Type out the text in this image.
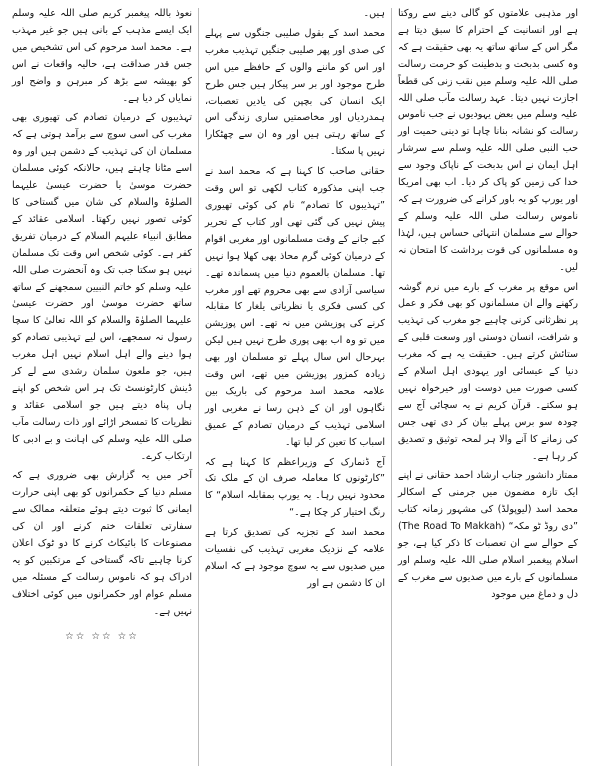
اور مذہبی علامتوں کو گالی دینے سے روکتا ہے اور انسانیت کے احترام کا سبق دیتا ہے مگر اس کے ساتھ ساتھ یہ بھی حقیقت ہے کہ وہ کسی بدبخت و بدطینت کو حرمت رسالت صلی اللہ علیہ وسلم میں نقب زنی کی قطعاً اجازت نہیں دیتا۔ عہد رسالت مآب صلی اللہ علیہ وسلم میں بعض یہودیوں نے جب ناموس رسالت کو نشانہ بنانا چاہا تو دینی حمیت اور حب النبی صلی اللہ علیہ وسلم سے سرشار اہل ایمان نے اس بدبخت کے ناپاک وجود سے خدا کی زمین کو پاک کر دیا۔ اب بھی امریکا اور یورپ کو یہ باور کرانے کی ضرورت ہے کہ ناموس رسالت صلی اللہ علیہ وسلم کے حوالے سے مسلمان انتہائی حساس ہیں، لہٰذا وہ مسلمانوں کی قوت برداشت کا امتحان نہ لیں۔

اس موقع پر مغرب کے بارے میں نرم گوشہ رکھنے والے ان مسلمانوں کو بھی فکر و عمل پر نظرثانی کرنی چاہیے جو مغرب کی تہذیب و شرافت، انسان دوستی اور وسعت قلبی کے ستائش کرتے ہیں۔ حقیقت یہ ہے کہ مغرب دنیا کے عیسائی اور یہودی اہل اسلام کے کسی صورت میں دوست اور خیرخواہ نہیں ہو سکتے۔ قرآن کریم نے یہ سچائی آج سے چودہ سو برس پہلے بیان کر دی تھی جس کی زمانے کا آنے والا ہر لمحہ توثیق و تصدیق کر رہا ہے۔

ممتاز دانشور جناب ارشاد احمد حقانی نے اپنے ایک تازہ مضمون میں جرمنی کے اسکالر محمد اسد (لیوپولڈ) کی مشہور زمانہ کتاب ”دی روڈ ٹو مکہ“ (The Road To Makkah) کے حوالے سے ان تعصبات کا ذکر کیا ہے، جو اسلام پیغمبر اسلام صلی اللہ علیہ وسلم اور مسلمانوں کے بارے میں صدیوں سے مغرب کے دل و دماغ میں موجود

ہیں۔

محمد اسد کے بقول صلیبی جنگوں سے پہلے کی صدی اور پھر صلیبی جنگیں تہذیب مغرب اور اس کو ماننے والوں کے حافظے میں اس طرح موجود اور بر سر پیکار ہیں جس طرح ایک انسان کی بچپن کی یادیں تعصبات، ہمدردیاں اور مخاصمتیں ساری زندگی اس کے ساتھ رہتی ہیں اور وہ ان سے چھٹکارا نہیں پا سکتا۔

حقانی صاحب کا کہنا ہے کہ محمد اسد نے جب اپنی مذکورہ کتاب لکھی تو اس وقت ”تہذیبوں کا تصادم“ نام کی کوئی تھیوری پیش نہیں کی گئی تھی اور کتاب کے تحریر کیے جانے کے وقت مسلمانوں اور مغربی اقوام کے درمیان کوئی گرم محاذ بھی کھلا ہوا نہیں تھا۔ مسلمان بالعموم دنیا میں پسماندہ تھے۔ سیاسی آزادی سے بھی محروم تھے اور مغرب کی کسی فکری یا نظریاتی یلغار کا مقابلہ کرنے کی پوزیشن میں نہ تھے۔ اس پوزیشن میں تو وہ اب بھی پوری طرح نہیں ہیں لیکن بہرحال اس سال پہلے تو مسلمان اور بھی زیادہ کمزور پوزیشن میں تھے، اس وقت علامہ محمد اسد مرحوم کی باریک بین نگاہوں اور ان کے ذہن رسا نے مغربی اور اسلامی تہذیب کے درمیان تصادم کے عمیق اسباب کا تعین کر لیا تھا۔

آج ڈنمارک کے وزیراعظم کا کہنا ہے کہ ”کارٹونوں کا معاملہ صرف ان کے ملک تک محدود نہیں رہا۔ یہ یورپ بمقابلہ اسلام“ کا رنگ اختیار کر چکا ہے۔“

محمد اسد کے تجزیہ کی تصدیق کرتا ہے علامہ کے نزدیک مغربی تہذیب کی نفسیات میں صدیوں سے یہ سوچ موجود ہے کہ اسلام ان کا دشمن ہے اور

نعوذ باللہ پیغمبر کریم صلی اللہ علیہ وسلم ایک ایسے مذہب کے بانی ہیں جو غیر مہذب ہے۔ محمد اسد مرحوم کی اس تشخیص میں جس قدر صداقت ہے، حالیہ واقعات نے اس کو بھیشہ سے بڑھ کر مبرہن و واضح اور نمایاں کر دیا ہے۔

تہذیبوں کے درمیان تصادم کی تھیوری بھی مغرب کی اسی سوچ سے برآمد ہوتی ہے کہ مسلمان ان کی تہذیب کے دشمن ہیں اور وہ اسے مٹانا چاہتے ہیں، حالانکہ کوئی مسلمان حضرت موسیٰ یا حضرت عیسیٰ علیہما الصلوٰۃ والسلام کی شان میں گستاخی کا کوئی تصور نہیں رکھتا۔ اسلامی عقائد کے مطابق انبیاء علیہم السلام کے درمیان تفریق کفر ہے۔ کوئی شخص اس وقت تک مسلمان نہیں ہو سکتا جب تک وہ آنحضرت صلی اللہ علیہ وسلم کو خاتم النبیین سمجھنے کے ساتھ ساتھ حضرت موسیٰ اور حضرت عیسیٰ علیہما الصلوٰۃ والسلام کو اللہ تعالیٰ کا سچا رسول نہ سمجھے، اس لیے تہذیبی تصادم کو ہوا دینے والے اہل اسلام نہیں اہل مغرب ہیں، جو ملعون سلمان رشدی سے لے کر ڈینش کارٹونسٹ تک ہر اس شخص کو اپنے ہاں پناہ دیتے ہیں جو اسلامی عقائد و نظریات کا تمسخر اڑائے اور ذات رسالت مآب صلی اللہ علیہ وسلم کی اہانت و بے ادبی کا ارتکاب کرے۔

آخر میں یہ گزارش بھی ضروری ہے کہ مسلم دنیا کے حکمرانوں کو بھی اپنی حرارت ایمانی کا ثبوت دیتے ہوئے متعلقہ ممالک سے سفارتی تعلقات ختم کرنے اور ان کی مصنوعات کا بائیکاٹ کرنے کا دو ٹوک اعلان کرنا چاہیے تاکہ گستاخی کے مرتکبین کو یہ ادراک ہو کہ ناموس رسالت کے مسئلہ میں مسلم عوام اور حکمرانوں میں کوئی اختلاف نہیں ہے۔

☆☆ ☆☆ ☆☆
